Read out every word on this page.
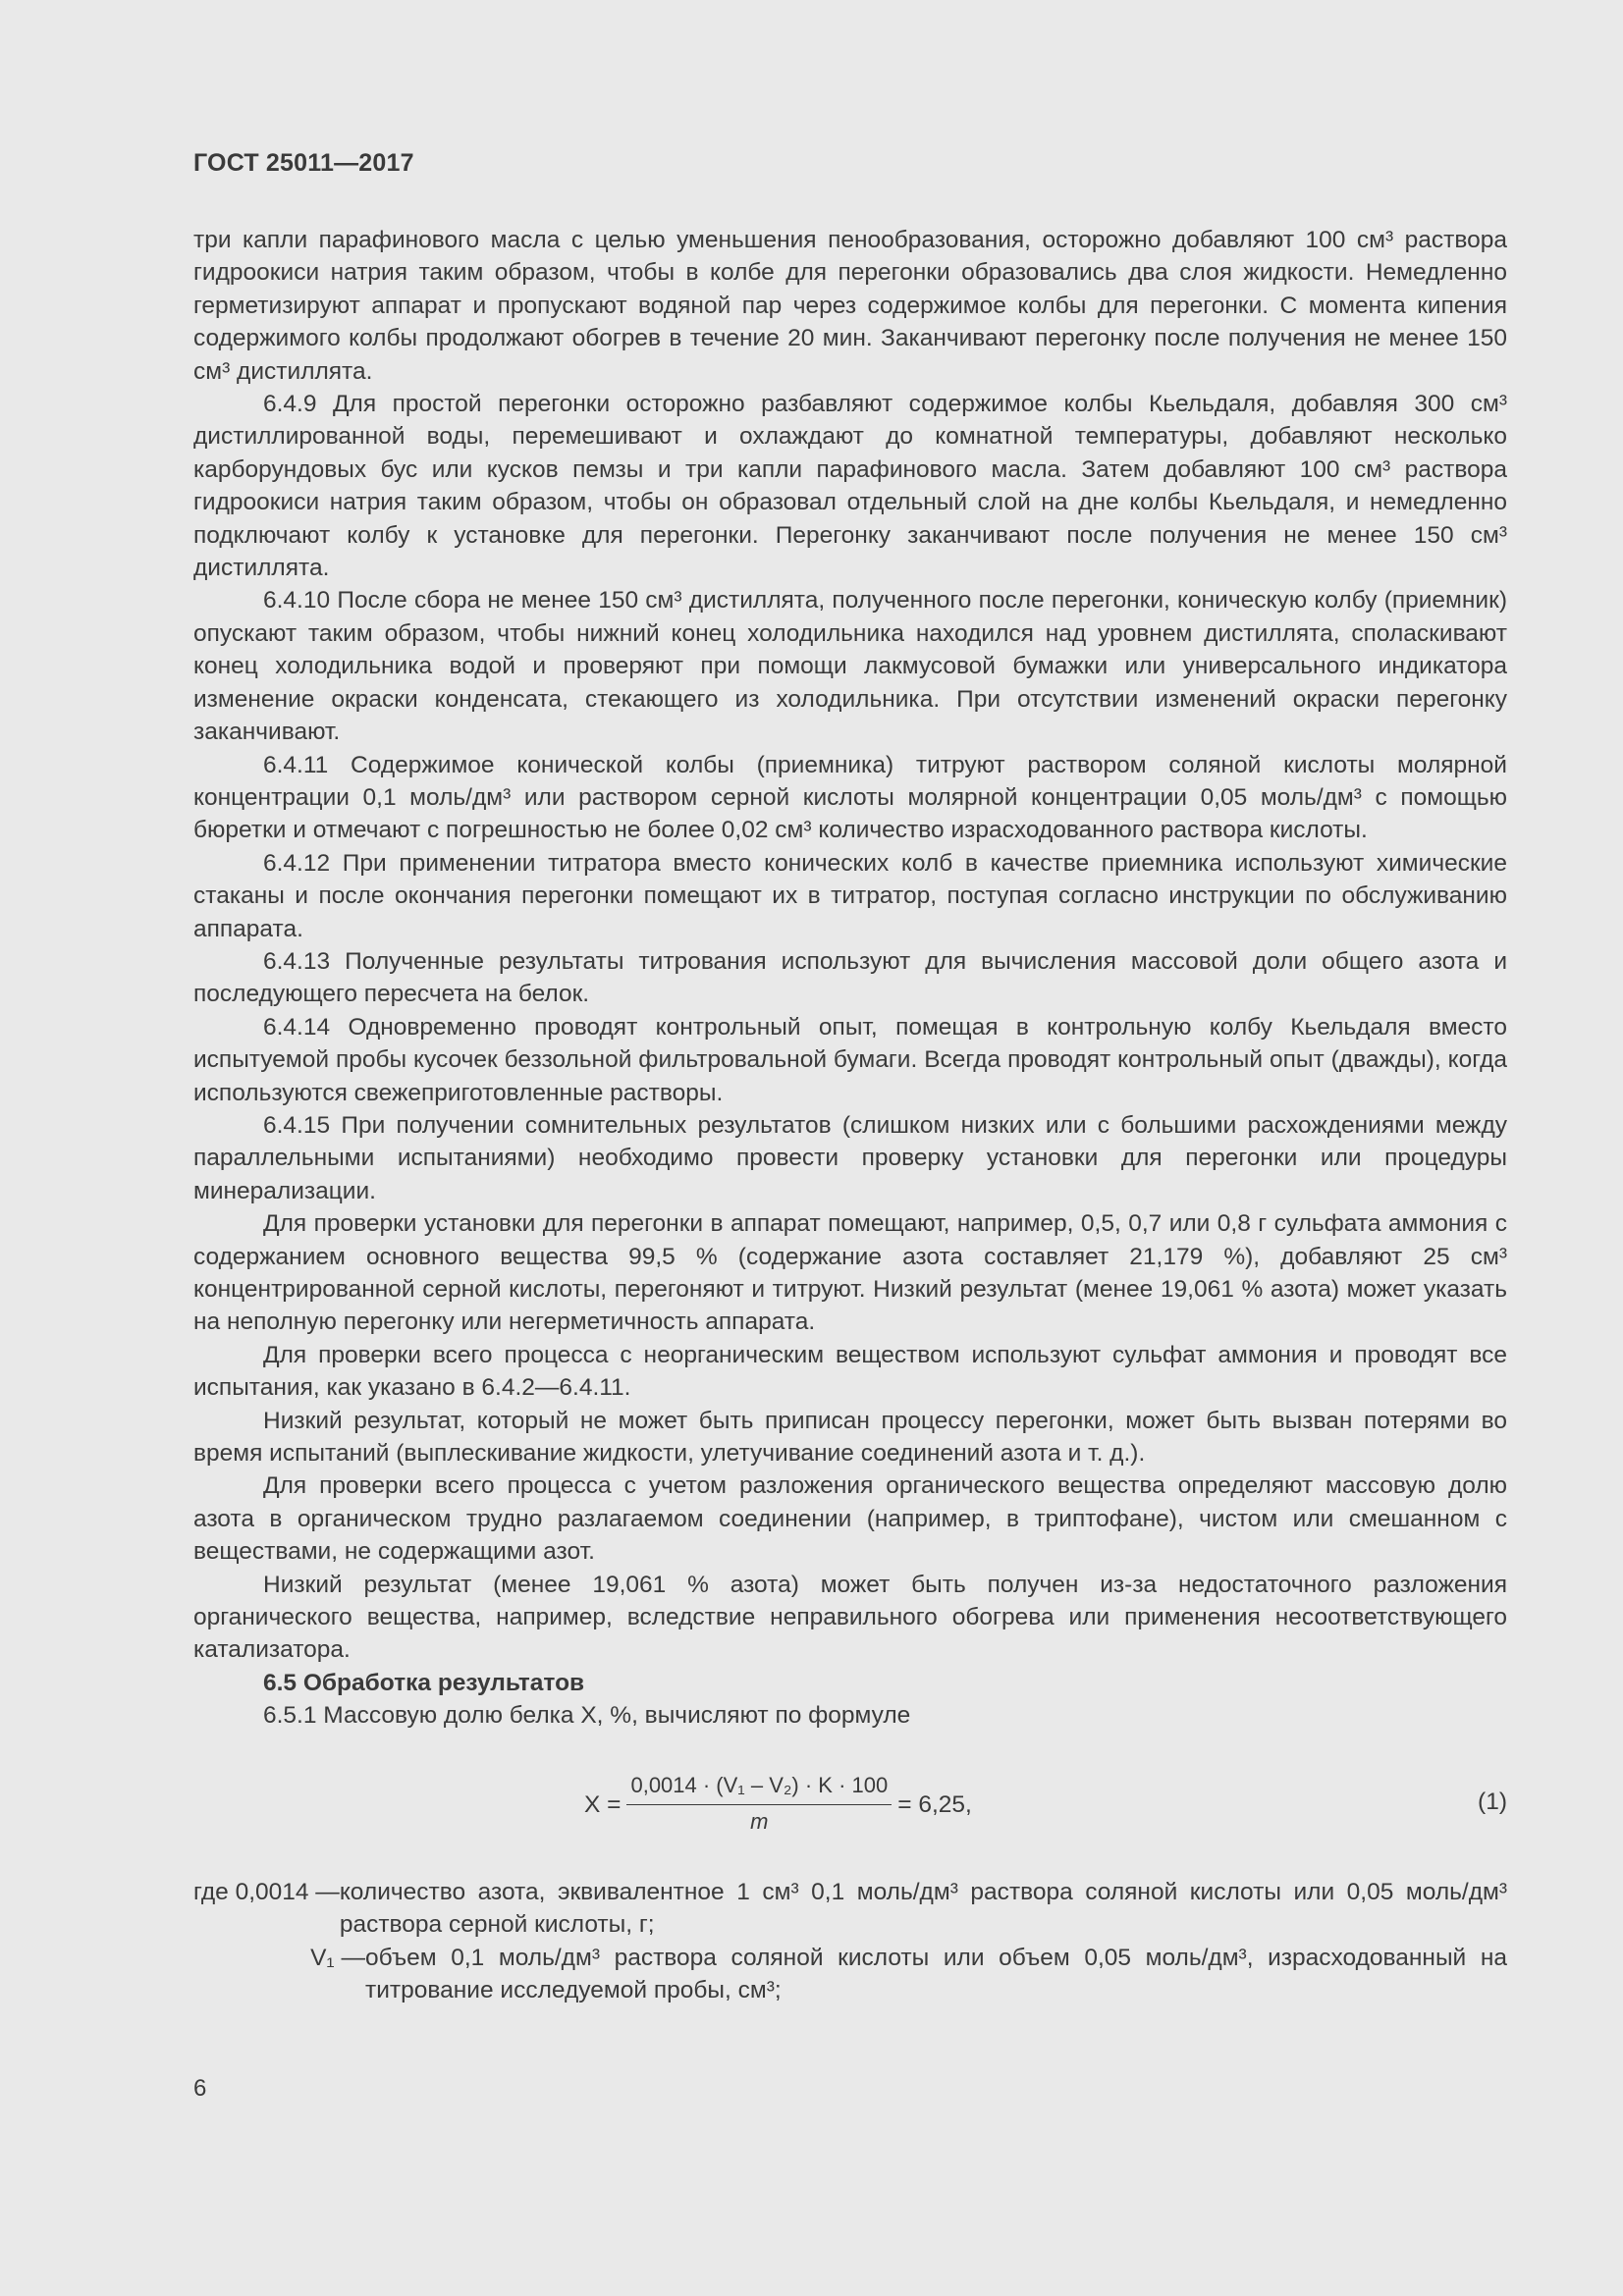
ГОСТ 25011—2017

три капли парафинового масла с целью уменьшения пенообразования, осторожно добавляют 100 см³ раствора гидроокиси натрия таким образом, чтобы в колбе для перегонки образовались два слоя жидкости. Немедленно герметизируют аппарат и пропускают водяной пар через содержимое колбы для перегонки. С момента кипения содержимого колбы продолжают обогрев в течение 20 мин. Заканчивают перегонку после получения не менее 150 см³ дистиллята.

6.4.9 Для простой перегонки осторожно разбавляют содержимое колбы Кьельдаля, добавляя 300 см³ дистиллированной воды, перемешивают и охлаждают до комнатной температуры, добавляют несколько карборундовых бус или кусков пемзы и три капли парафинового масла. Затем добавляют 100 см³ раствора гидроокиси натрия таким образом, чтобы он образовал отдельный слой на дне колбы Кьельдаля, и немедленно подключают колбу к установке для перегонки. Перегонку заканчивают после получения не менее 150 см³ дистиллята.

6.4.10 После сбора не менее 150 см³ дистиллята, полученного после перегонки, коническую колбу (приемник) опускают таким образом, чтобы нижний конец холодильника находился над уровнем дистиллята, споласкивают конец холодильника водой и проверяют при помощи лакмусовой бумажки или универсального индикатора изменение окраски конденсата, стекающего из холодильника. При отсутствии изменений окраски перегонку заканчивают.

6.4.11 Содержимое конической колбы (приемника) титруют раствором соляной кислоты молярной концентрации 0,1 моль/дм³ или раствором серной кислоты молярной концентрации 0,05 моль/дм³ с помощью бюретки и отмечают с погрешностью не более 0,02 см³ количество израсходованного раствора кислоты.

6.4.12 При применении титратора вместо конических колб в качестве приемника используют химические стаканы и после окончания перегонки помещают их в титратор, поступая согласно инструкции по обслуживанию аппарата.

6.4.13 Полученные результаты титрования используют для вычисления массовой доли общего азота и последующего пересчета на белок.

6.4.14 Одновременно проводят контрольный опыт, помещая в контрольную колбу Кьельдаля вместо испытуемой пробы кусочек беззольной фильтровальной бумаги. Всегда проводят контрольный опыт (дважды), когда используются свежеприготовленные растворы.

6.4.15 При получении сомнительных результатов (слишком низких или с большими расхождениями между параллельными испытаниями) необходимо провести проверку установки для перегонки или процедуры минерализации.

Для проверки установки для перегонки в аппарат помещают, например, 0,5, 0,7 или 0,8 г сульфата аммония с содержанием основного вещества 99,5 % (содержание азота составляет 21,179 %), добавляют 25 см³ концентрированной серной кислоты, перегоняют и титруют. Низкий результат (менее 19,061 % азота) может указать на неполную перегонку или негерметичность аппарата.

Для проверки всего процесса с неорганическим веществом используют сульфат аммония и проводят все испытания, как указано в 6.4.2—6.4.11.

Низкий результат, который не может быть приписан процессу перегонки, может быть вызван потерями во время испытаний (выплескивание жидкости, улетучивание соединений азота и т. д.).

Для проверки всего процесса с учетом разложения органического вещества определяют массовую долю азота в органическом трудно разлагаемом соединении (например, в триптофане), чистом или смешанном с веществами, не содержащими азот.

Низкий результат (менее 19,061 % азота) может быть получен из-за недостаточного разложения органического вещества, например, вследствие неправильного обогрева или применения несоответствующего катализатора.

6.5 Обработка результатов

6.5.1 Массовую долю белка X, %, вычисляют по формуле

$X = \frac{\text{0,0014 · (V₁ – V₂) · K · 100}}{m} = 6,25$,	(1)
где 0,0014 — количество азота, эквивалентное 1 см³ 0,1 моль/дм³ раствора соляной кислоты или 0,05 моль/дм³ раствора серной кислоты, г;
V₁ — объем 0,1 моль/дм³ раствора соляной кислоты или объем 0,05 моль/дм³, израсходованный на титрование исследуемой пробы, см³;
6
